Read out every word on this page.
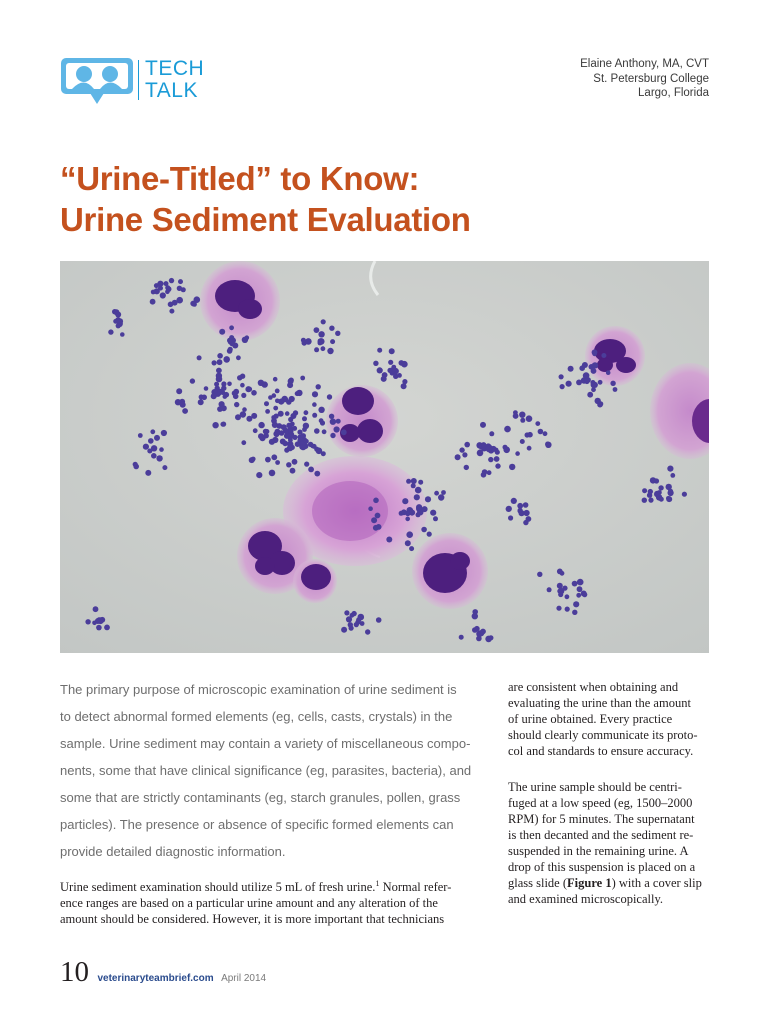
TECH
TALK
Elaine Anthony, MA, CVT
St. Petersburg College
Largo, Florida
“Urine-Titled” to Know:
Urine Sediment Evaluation
The primary purpose of microscopic examination of urine sediment is
to detect abnormal formed elements (eg, cells, casts, crystals) in the
sample. Urine sediment may contain a variety of miscellaneous compo-
nents, some that have clinical significance (eg, parasites, bacteria), and
some that are strictly contaminants (eg, starch granules, pollen, grass
particles). The presence or absence of specific formed elements can
provide detailed diagnostic information.
Urine sediment examination should utilize 5 mL of fresh urine.$^1$ Normal refer-
ence ranges are based on a particular urine amount and any alteration of the
amount should be considered. However, it is more important that technicians

are consistent when obtaining and
evaluating the urine than the amount
of urine obtained. Every practice
should clearly communicate its proto-
col and standards to ensure accuracy.

The urine sample should be centri-
fuged at a low speed (eg, 1500–2000
RPM) for 5 minutes. The supernatant
is then decanted and the sediment re-
suspended in the remaining urine. A
drop of this suspension is placed on a
glass slide (Figure 1) with a cover slip
and examined microscopically.

10 veterinaryteambrief.com April 2014
